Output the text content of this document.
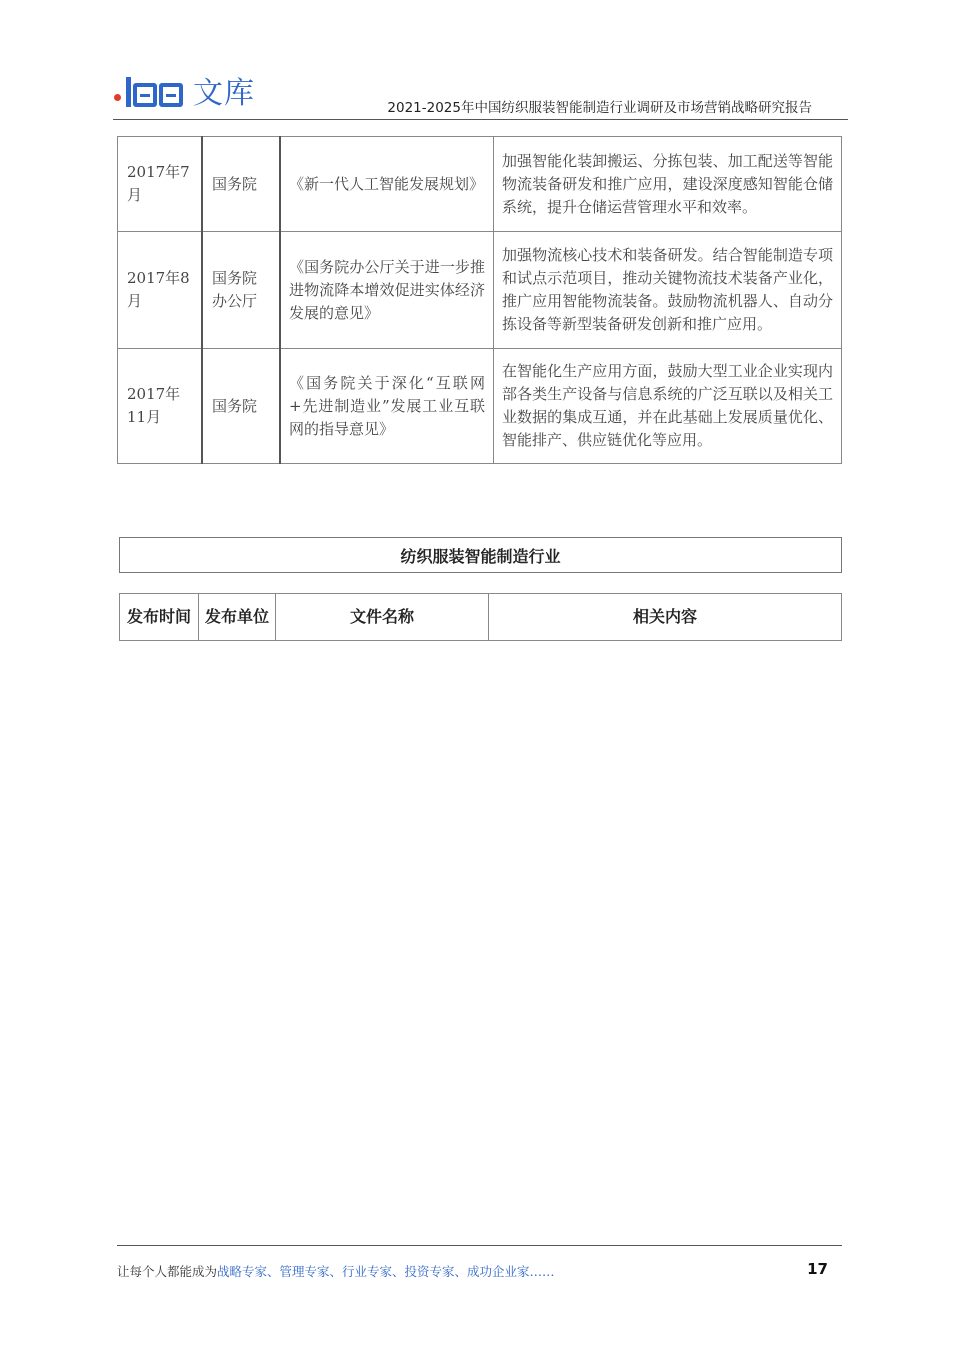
文库	2021-2025年中国纺织服装智能制造行业调研及市场营销战略研究报告
2017年7月	国务院	《新一代人工智能发展规划》	加强智能化装卸搬运、分拣包装、加工配送等智能物流装备研发和推广应用，建设深度感知智能仓储系统，提升仓储运营管理水平和效率。
2017年8月	国务院办公厅	《国务院办公厅关于进一步推进物流降本增效促进实体经济发展的意见》	加强物流核心技术和装备研发。结合智能制造专项和试点示范项目，推动关键物流技术装备产业化，推广应用智能物流装备。鼓励物流机器人、自动分拣设备等新型装备研发创新和推广应用。
2017年11月	国务院	《国务院关于深化“互联网+先进制造业”发展工业互联网的指导意见》	在智能化生产应用方面，鼓励大型工业企业实现内部各类生产设备与信息系统的广泛互联以及相关工业数据的集成互通，并在此基础上发展质量优化、智能排产、供应链优化等应用。
纺织服装智能制造行业
发布时间	发布单位	文件名称	相关内容
让每个人都能成为战略专家、管理专家、行业专家、投资专家、成功企业家……	17
